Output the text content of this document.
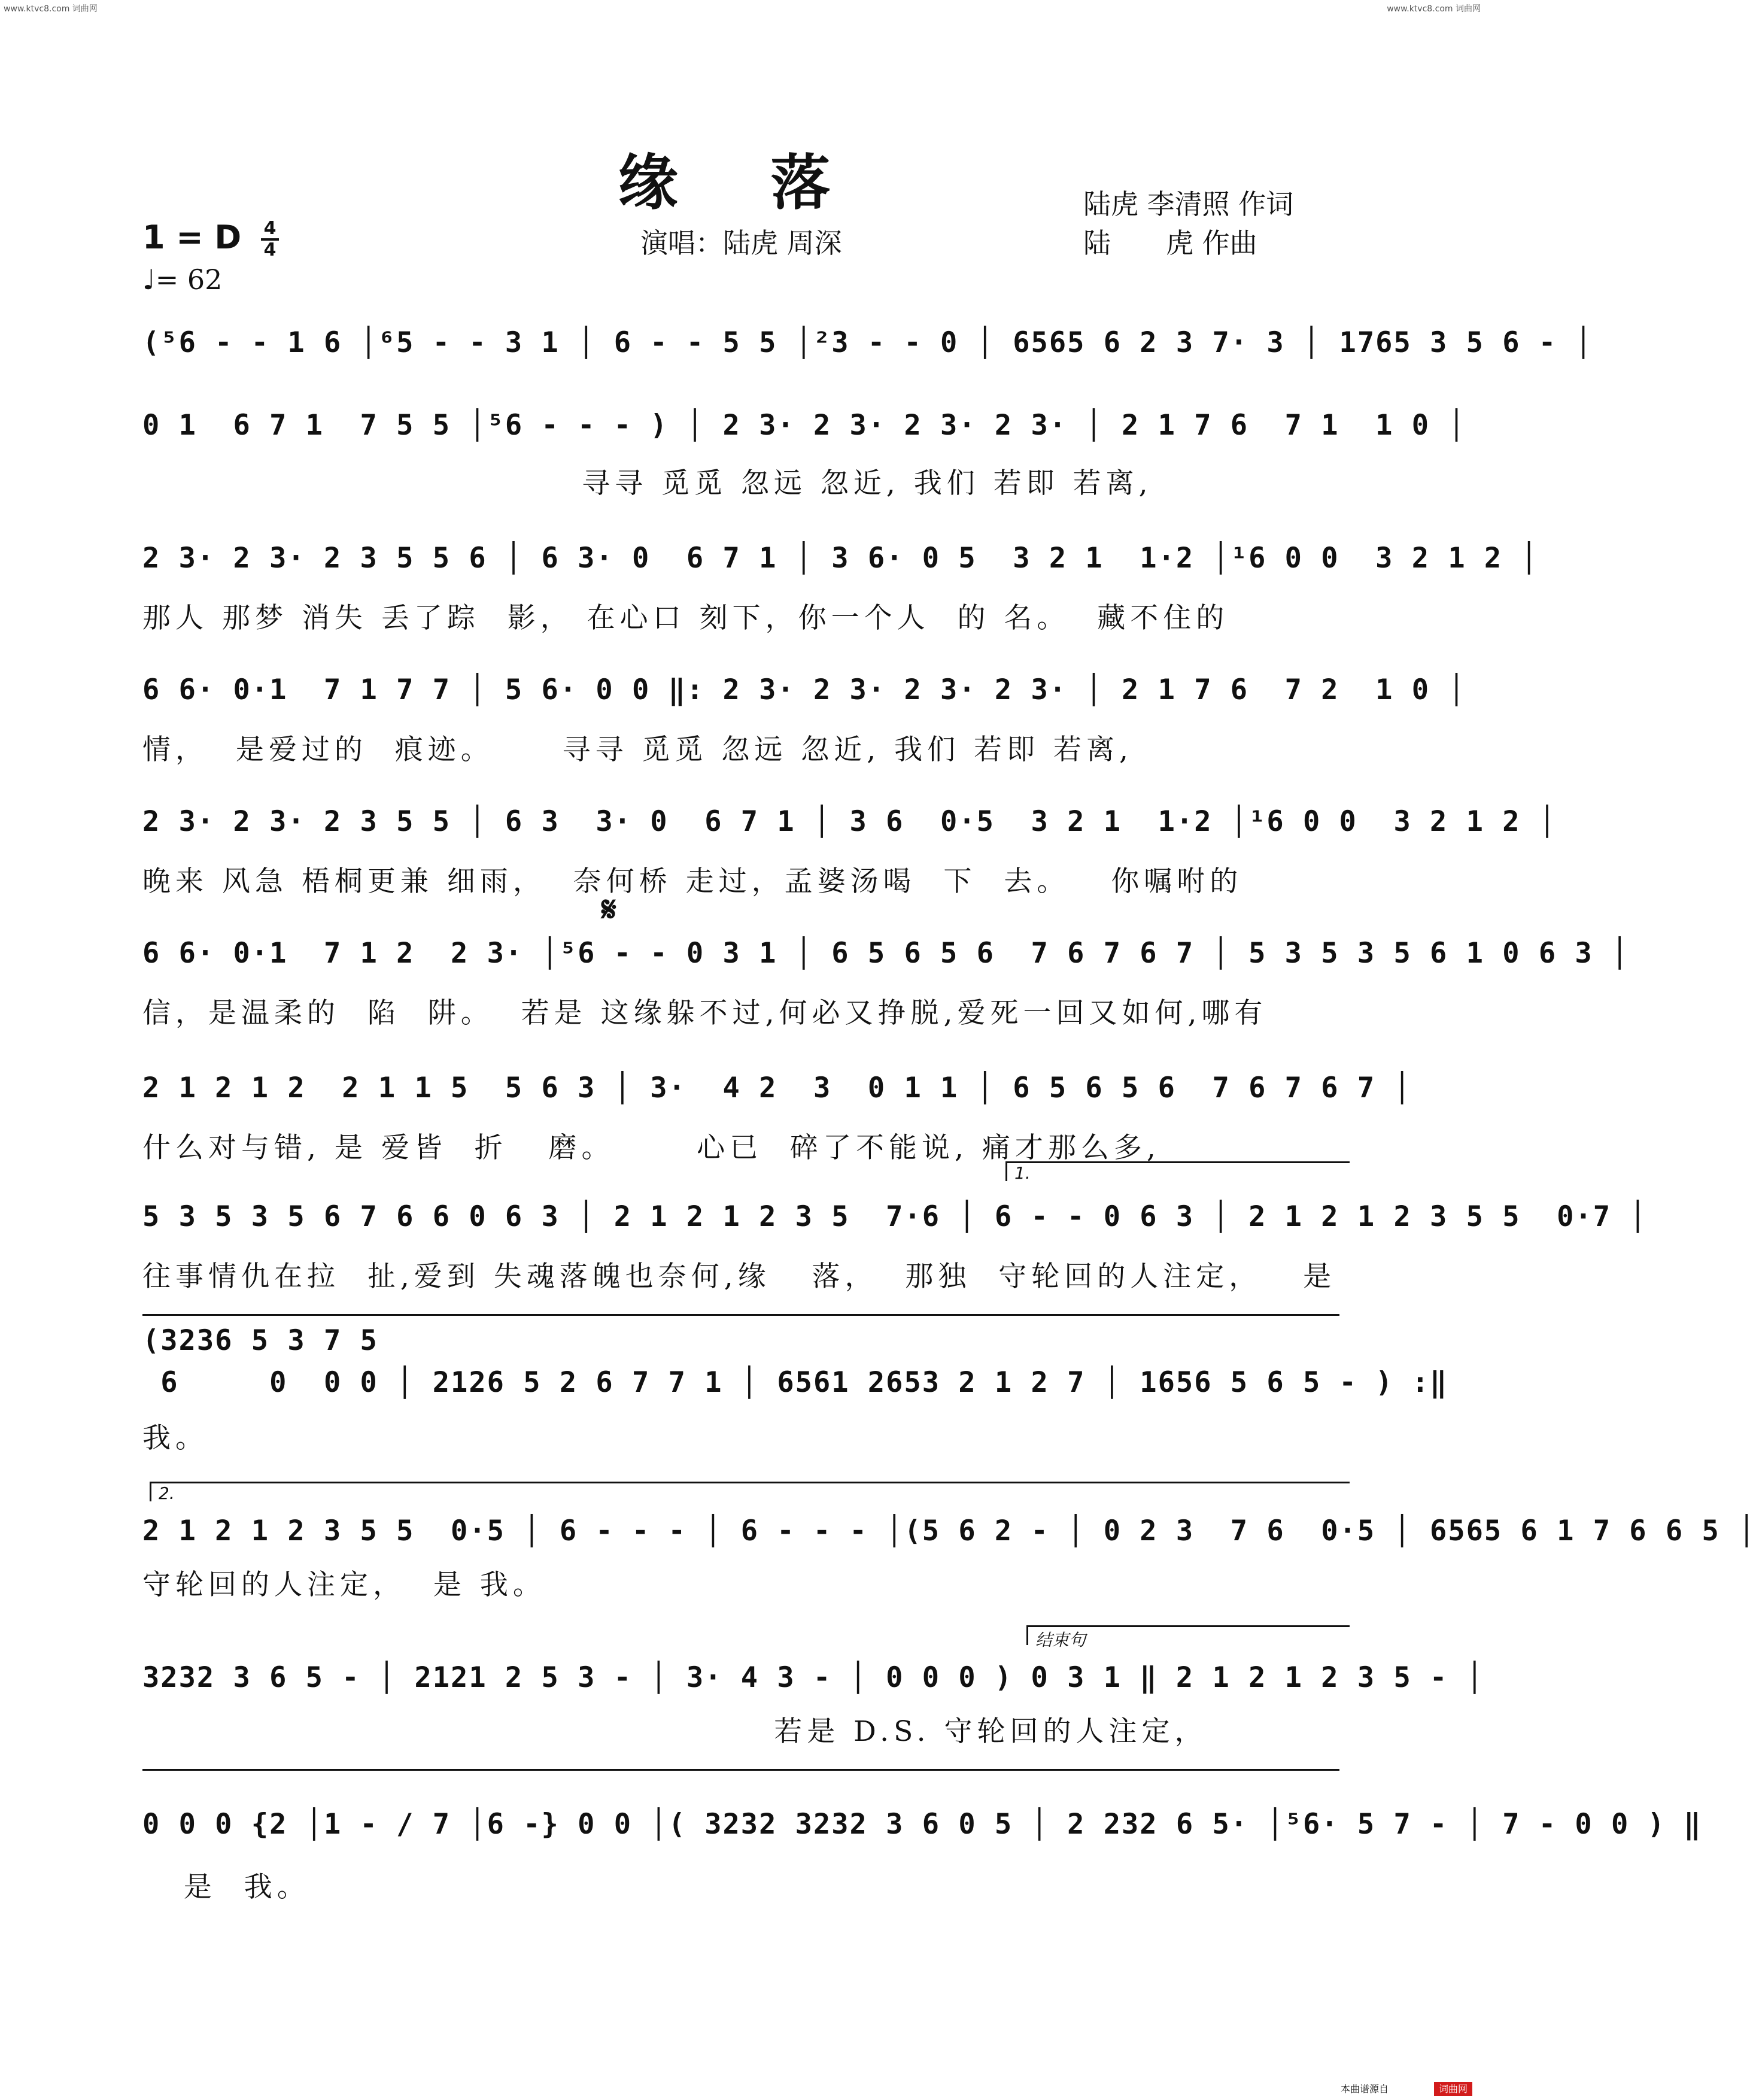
www.ktvc8.com 词曲网	www.ktvc8.com 词曲网
缘 落
1 = D $\frac{4}{4}$
♩= 62
演唱：陆虎 周深
陆虎 李清照 作词
陆　　虎 作曲
(⁵6 - - 1 6 │⁶5 - - 3 1 │ 6 - - 5 5 │²3 - - 0 │ 6565 6 2 3 7· 3 │ 1765 3 5 6 - │
0 1  6 7 1  7 5 5 │⁵6 - - - ) │ 2 3· 2 3· 2 3· 2 3· │ 2 1 7 6  7 1  1 0 │
寻寻 觅觅 忽远 忽近, 我们 若即 若离,
2 3· 2 3· 2 3 5 5 6 │ 6 3· 0  6 7 1 │ 3 6· 0 5  3 2 1  1·2 │¹6 0 0  3 2 1 2 │
那人 那梦 消失 丢了踪  影， 在心口 刻下，你一个人  的 名。  藏不住的
6 6· 0·1  7 1 7 7 │ 5 6· 0 0 ‖: 2 3· 2 3· 2 3· 2 3· │ 2 1 7 6  7 2  1 0 │
情，  是爱过的  痕迹。     寻寻 觅觅 忽远 忽近, 我们 若即 若离,
2 3· 2 3· 2 3 5 5 │ 6 3  3· 0  6 7 1 │ 3 6  0·5  3 2 1  1·2 │¹6 0 0  3 2 1 2 │
晚来 风急 梧桐更兼 细雨，  奈何桥 走过，孟婆汤喝  下  去。   你嘱咐的
𝄋
6 6· 0·1  7 1 2  2 3· │⁵6 - - 0 3 1 │ 6 5 6 5 6  7 6 7 6 7 │ 5 3 5 3 5 6 1 0 6 3 │
信，是温柔的  陷  阱。  若是 这缘躲不过,何必又挣脱,爱死一回又如何,哪有
2 1 2 1 2  2 1 1 5  5 6 3 │ 3·  4 2  3  0 1 1 │ 6 5 6 5 6  7 6 7 6 7 │
什么对与错, 是 爱皆  折   磨。      心已  碎了不能说, 痛才那么多,
1.
5 3 5 3 5 6 7 6 6 0 6 3 │ 2 1 2 1 2 3 5  7·6 │ 6 - - 0 6 3 │ 2 1 2 1 2 3 5 5  0·7 │
往事情仇在拉  扯,爱到 失魂落魄也奈何,缘   落，  那独  守轮回的人注定，   是
(3236 5 3 7 5
6     0  0 0 │ 2126 5 2 6 7 7 1 │ 6561 2653 2 1 2 7 │ 1656 5 6 5 - ) :‖
我。
2.
2 1 2 1 2 3 5 5  0·5 │ 6 - - - │ 6 - - - │(5 6 2 - │ 0 2 3  7 6  0·5 │ 6565 6 1 7 6 6 5 │
守轮回的人注定，  是 我。
结束句
3232 3 6 5 - │ 2121 2 5 3 - │ 3· 4 3 - │ 0 0 0 ) 0 3 1 ‖ 2 1 2 1 2 3 5 - │
若是 D.S. 守轮回的人注定，
0 0 0 {2 │1 - / 7 │6 -} 0 0 │( 3232 3232 3 6 0 5 │ 2 232 6 5· │⁵6· 5 7 - │ 7 - 0 0 ) ‖
是  我。
本曲谱源自	词曲网
